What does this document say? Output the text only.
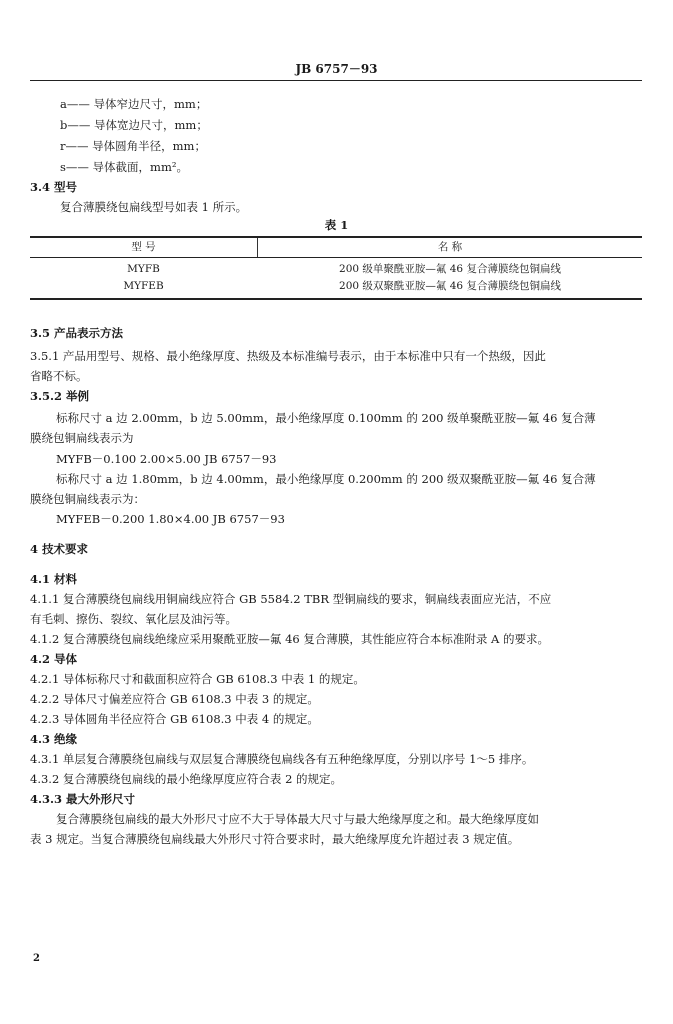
JB 6757－93
a—— 导体窄边尺寸，mm；
b—— 导体宽边尺寸，mm；
r—— 导体圆角半径，mm；
s—— 导体截面，mm²。
3.4 型号
复合薄膜绕包扁线型号如表 1 所示。
表 1
型 号	名 称
MYFB	200 级单聚酰亚胺—氟 46 复合薄膜绕包铜扁线
MYFEB	200 级双聚酰亚胺—氟 46 复合薄膜绕包铜扁线
3.5 产品表示方法
3.5.1 产品用型号、规格、最小绝缘厚度、热级及本标准编号表示，由于本标准中只有一个热级，因此
省略不标。
3.5.2 举例
标称尺寸 a 边 2.00mm，b 边 5.00mm，最小绝缘厚度 0.100mm 的 200 级单聚酰亚胺—氟 46 复合薄
膜绕包铜扁线表示为
MYFB－0.100 2.00×5.00 JB 6757－93
标称尺寸 a 边 1.80mm，b 边 4.00mm，最小绝缘厚度 0.200mm 的 200 级双聚酰亚胺—氟 46 复合薄
膜绕包铜扁线表示为：
MYFEB－0.200 1.80×4.00 JB 6757－93
4 技术要求
4.1 材料
4.1.1 复合薄膜绕包扁线用铜扁线应符合 GB 5584.2 TBR 型铜扁线的要求，铜扁线表面应光洁，不应
有毛刺、擦伤、裂纹、氧化层及油污等。
4.1.2 复合薄膜绕包扁线绝缘应采用聚酰亚胺—氟 46 复合薄膜，其性能应符合本标准附录 A 的要求。
4.2 导体
4.2.1 导体标称尺寸和截面积应符合 GB 6108.3 中表 1 的规定。
4.2.2 导体尺寸偏差应符合 GB 6108.3 中表 3 的规定。
4.2.3 导体圆角半径应符合 GB 6108.3 中表 4 的规定。
4.3 绝缘
4.3.1 单层复合薄膜绕包扁线与双层复合薄膜绕包扁线各有五种绝缘厚度，分别以序号 1～5 排序。
4.3.2 复合薄膜绕包扁线的最小绝缘厚度应符合表 2 的规定。
4.3.3 最大外形尺寸
复合薄膜绕包扁线的最大外形尺寸应不大于导体最大尺寸与最大绝缘厚度之和。最大绝缘厚度如
表 3 规定。当复合薄膜绕包扁线最大外形尺寸符合要求时，最大绝缘厚度允许超过表 3 规定值。
2
